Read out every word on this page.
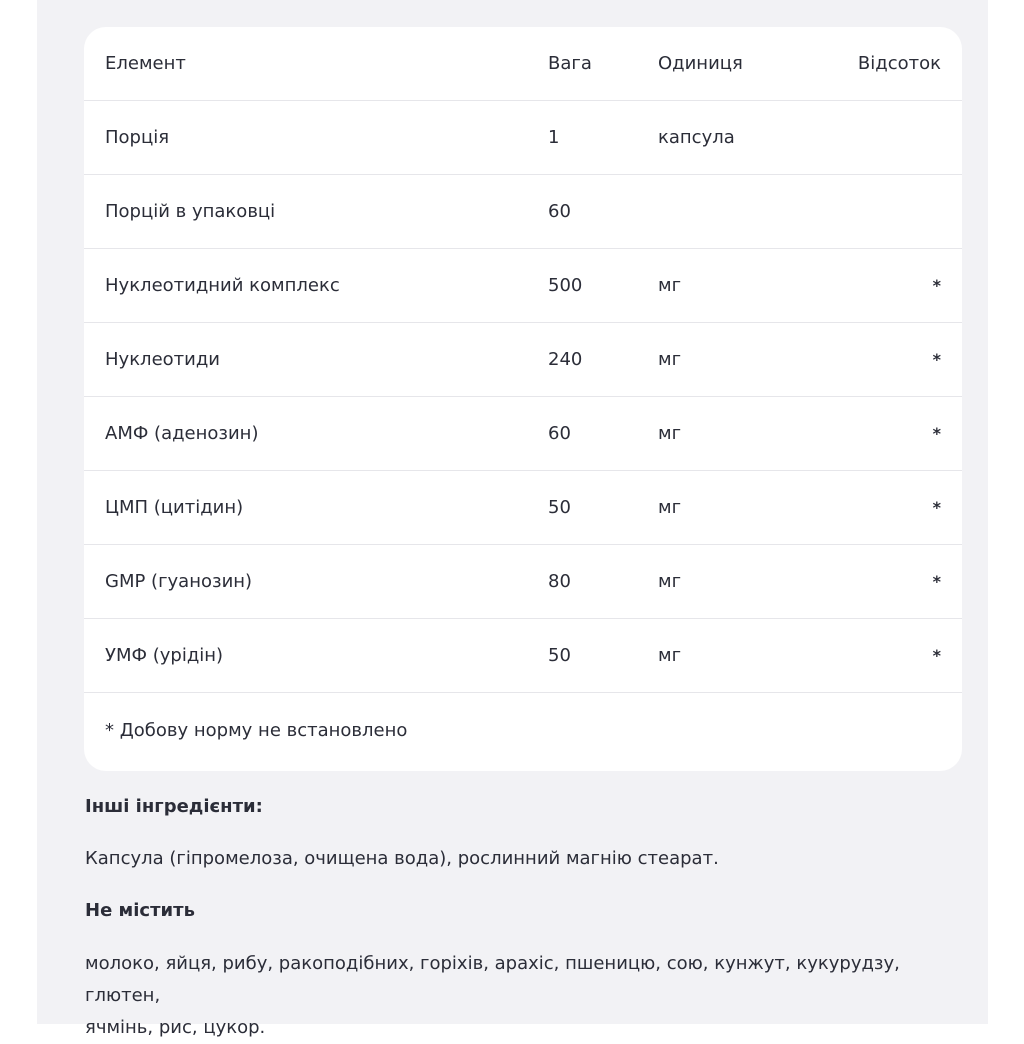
Елемент	Вага	Одиниця	Відсоток
Порція	1	капсула
Порцій в упаковці	60
Нуклеотидний комплекс	500	мг	*
Нуклеотиди	240	мг	*
АМФ (аденозин)	60	мг	*
ЦМП (цитідин)	50	мг	*
GMP (гуанозин)	80	мг	*
УМФ (урідін)	50	мг	*
* Добову норму не встановлено
Інші інгредієнти:
Капсула (гіпромелоза, очищена вода), рослинний магнію стеарат.
Не містить
молоко, яйця, рибу, ракоподібних, горіхів, арахіс, пшеницю, сою, кунжут, кукурудзу, глютен,
ячмінь, рис, цукор.
